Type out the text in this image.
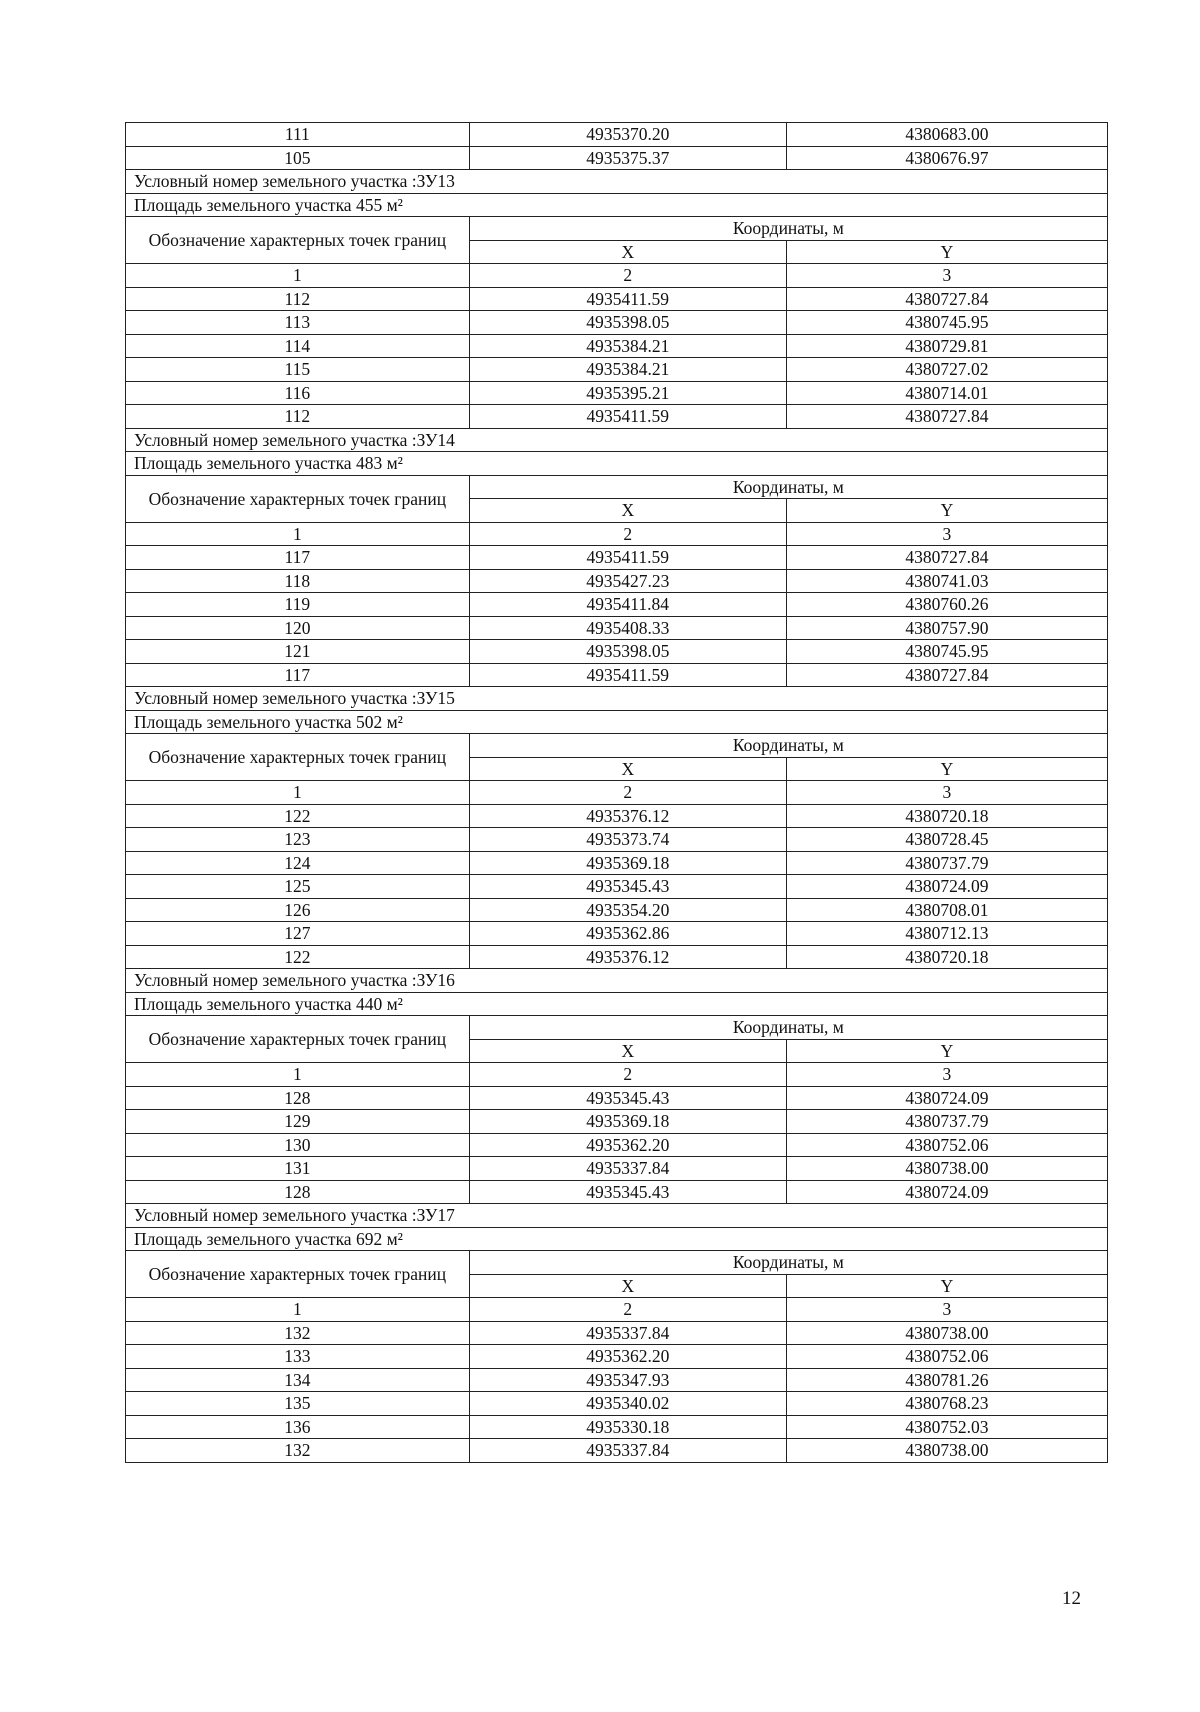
111	4935370.20	4380683.00
105	4935375.37	4380676.97
Условный номер земельного участка :ЗУ13		
Площадь земельного участка 455 м²		
Обозначение характерных точек границ	Координаты, м	
	X	Y
1	2	3
112	4935411.59	4380727.84
113	4935398.05	4380745.95
114	4935384.21	4380729.81
115	4935384.21	4380727.02
116	4935395.21	4380714.01
112	4935411.59	4380727.84
Условный номер земельного участка :ЗУ14		
Площадь земельного участка 483 м²		
Обозначение характерных точек границ	Координаты, м	
	X	Y
1	2	3
117	4935411.59	4380727.84
118	4935427.23	4380741.03
119	4935411.84	4380760.26
120	4935408.33	4380757.90
121	4935398.05	4380745.95
117	4935411.59	4380727.84
Условный номер земельного участка :ЗУ15		
Площадь земельного участка 502 м²		
Обозначение характерных точек границ	Координаты, м	
	X	Y
1	2	3
122	4935376.12	4380720.18
123	4935373.74	4380728.45
124	4935369.18	4380737.79
125	4935345.43	4380724.09
126	4935354.20	4380708.01
127	4935362.86	4380712.13
122	4935376.12	4380720.18
Условный номер земельного участка :ЗУ16		
Площадь земельного участка 440 м²		
Обозначение характерных точек границ	Координаты, м	
	X	Y
1	2	3
128	4935345.43	4380724.09
129	4935369.18	4380737.79
130	4935362.20	4380752.06
131	4935337.84	4380738.00
128	4935345.43	4380724.09
Условный номер земельного участка :ЗУ17		
Площадь земельного участка 692 м²		
Обозначение характерных точек границ	Координаты, м	
	X	Y
1	2	3
132	4935337.84	4380738.00
133	4935362.20	4380752.06
134	4935347.93	4380781.26
135	4935340.02	4380768.23
136	4935330.18	4380752.03
132	4935337.84	4380738.00
12
